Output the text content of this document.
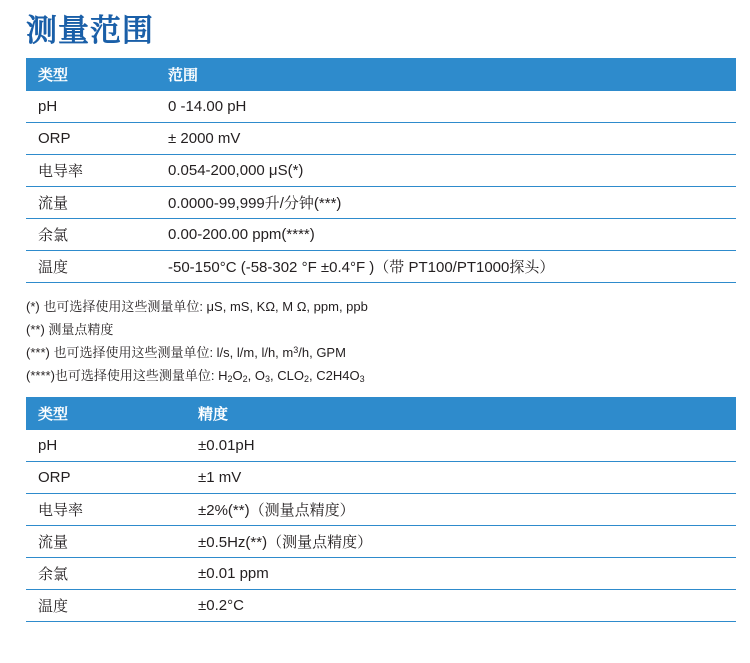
测量范围
类型	范围
pH	0 -14.00 pH
ORP	± 2000 mV
电导率	0.054-200,000 μS(*)
流量	0.0000-99,999升/分钟(***)
余氯	0.00-200.00 ppm(****)
温度	-50-150°C (-58-302 °F ±0.4°F )（带 PT100/PT1000探头）
(*) 也可选择使用这些测量单位: μS, mS, KΩ, M Ω, ppm, ppb
(**) 测量点精度
(***) 也可选择使用这些测量单位: l/s, l/m, l/h, $m^3/h$, GPM
(****)也可选择使用这些测量单位: $H_2O_2$, $O_3$, $CLO_2$, $C2H4O_3$
类型	精度
pH	±0.01pH
ORP	±1 mV
电导率	±2%(**)（测量点精度）
流量	±0.5Hz(**)（测量点精度）
余氯	±0.01 ppm
温度	±0.2°C
